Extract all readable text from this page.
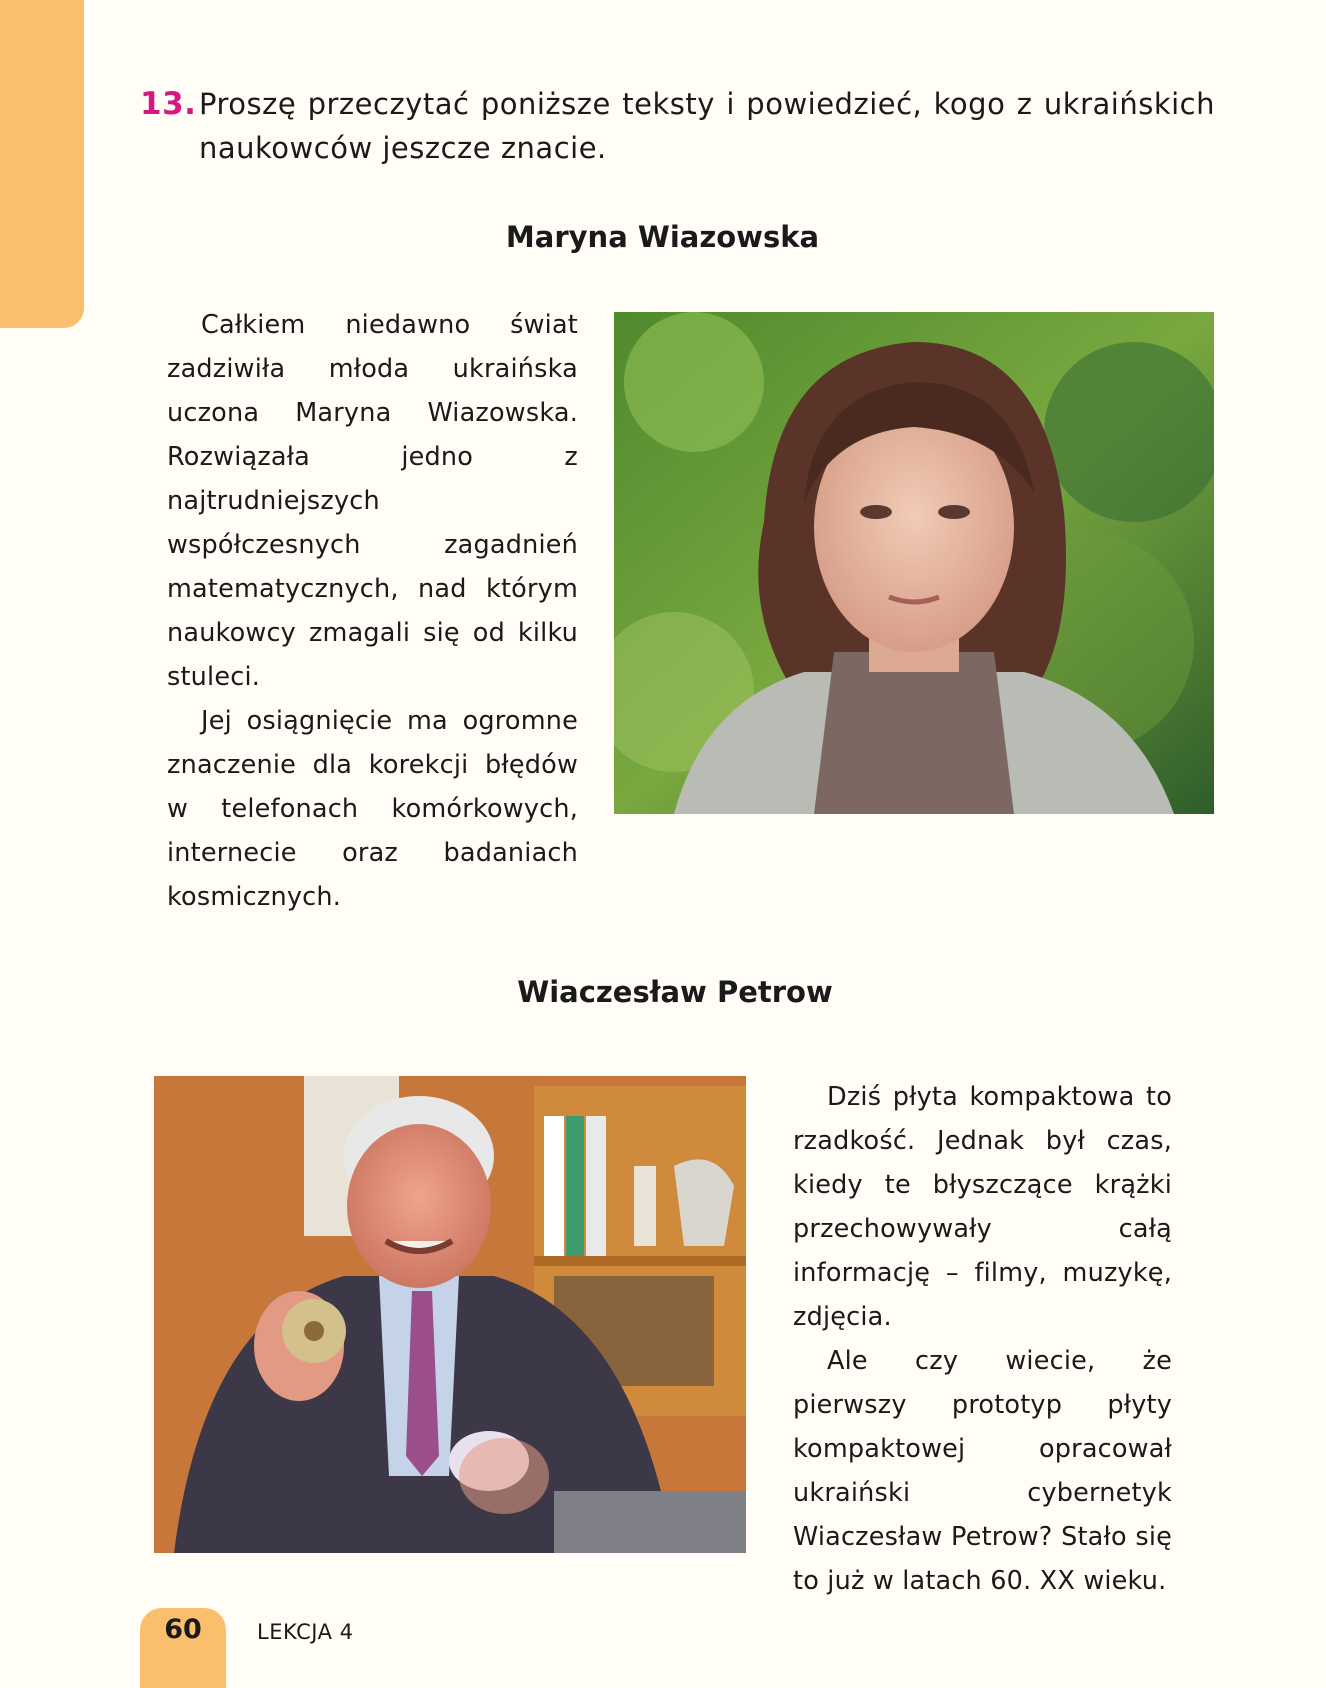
13. Proszę przeczytać poniższe teksty i powiedzieć, kogo z ukraińskich naukowców jeszcze znacie.
Maryna Wiazowska

Całkiem niedawno świat zadziwiła młoda ukraińska uczona Maryna Wiazowska. Rozwiązała jedno z najtrudniejszych współczesnych zagadnień matematycznych, nad którym naukowcy zmagali się od kilku stuleci.

Jej osiągnięcie ma ogromne znaczenie dla korekcji błędów w telefonach komórkowych, internecie oraz badaniach kosmicznych.

Wiaczesław Petrow

Dziś płyta kompaktowa to rzadkość. Jednak był czas, kiedy te błyszczące krążki przechowywały całą informację – filmy, muzykę, zdjęcia.

Ale czy wiecie, że pierwszy prototyp płyty kompaktowej opracował ukraiński cybernetyk Wiaczesław Petrow? Stało się to już w latach 60. XX wieku.

60	LEKCJA 4
